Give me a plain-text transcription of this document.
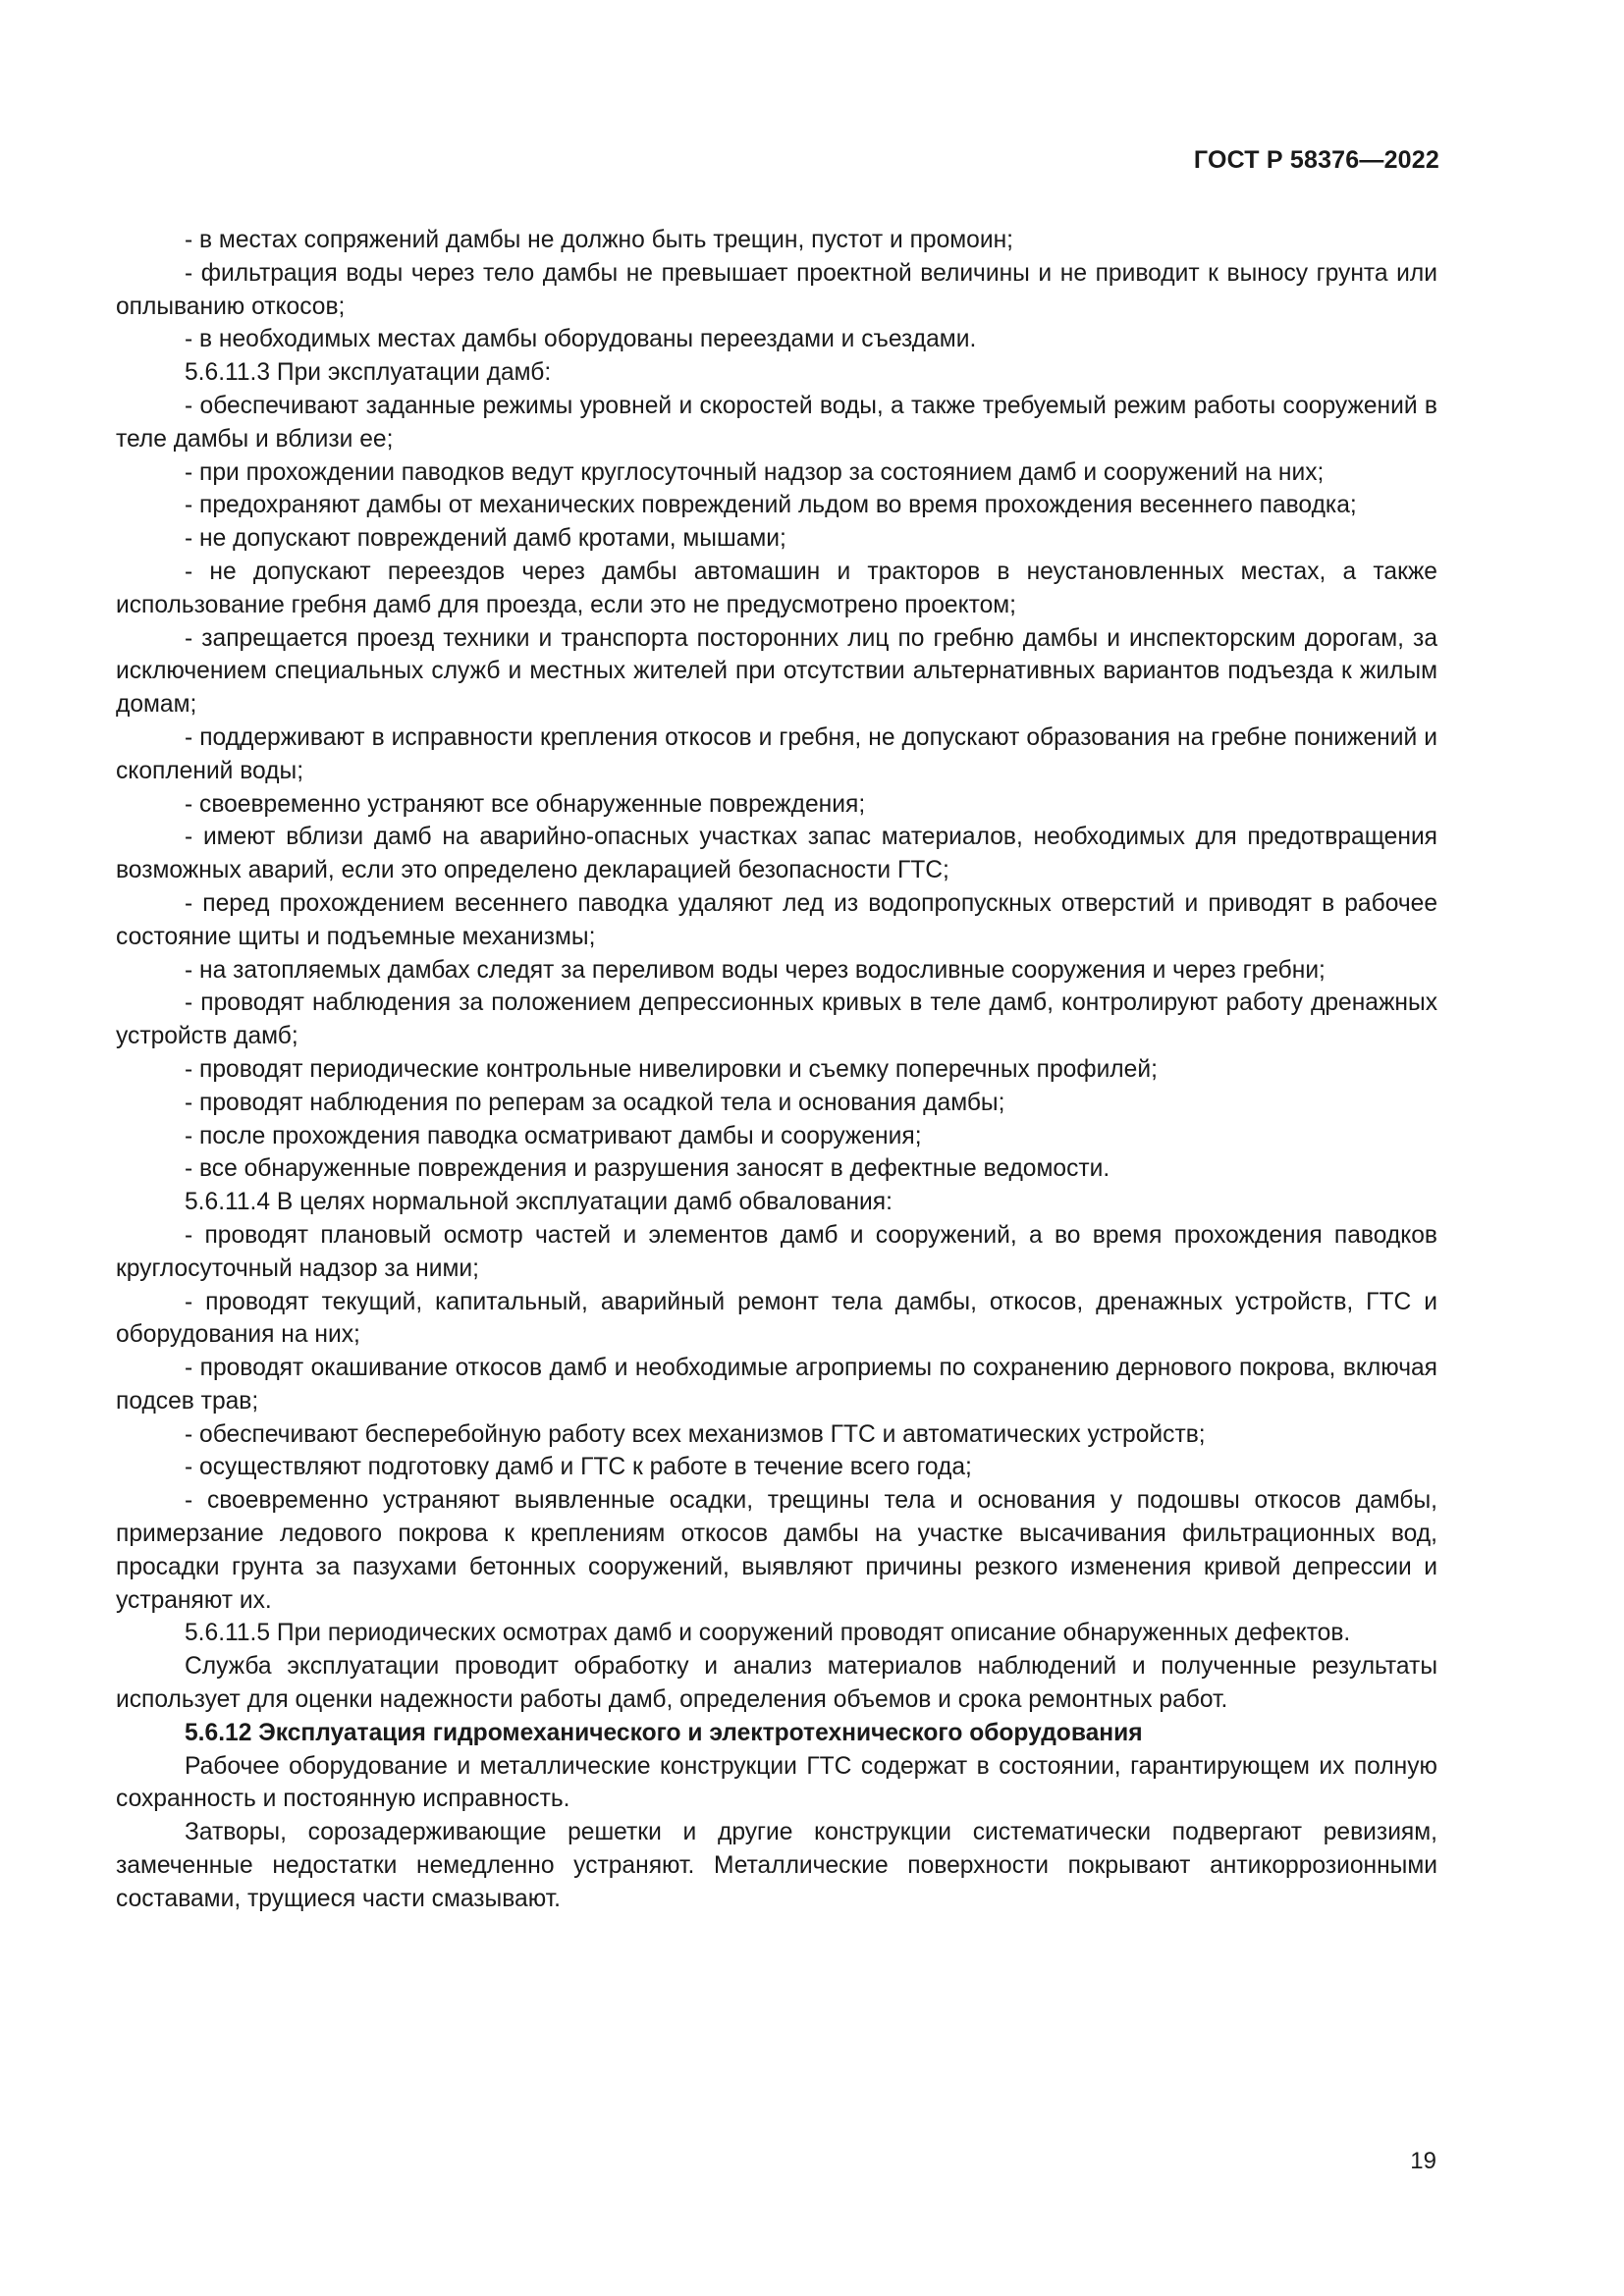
ГОСТ Р 58376—2022

- в местах сопряжений дамбы не должно быть трещин, пустот и промоин;

- фильтрация воды через тело дамбы не превышает проектной величины и не приводит к выносу грунта или оплыванию откосов;

- в необходимых местах дамбы оборудованы переездами и съездами.

5.6.11.3 При эксплуатации дамб:

- обеспечивают заданные режимы уровней и скоростей воды, а также требуемый режим работы сооружений в теле дамбы и вблизи ее;

- при прохождении паводков ведут круглосуточный надзор за состоянием дамб и сооружений на них;

- предохраняют дамбы от механических повреждений льдом во время прохождения весеннего паводка;

- не допускают повреждений дамб кротами, мышами;

- не допускают переездов через дамбы автомашин и тракторов в неустановленных местах, а также использование гребня дамб для проезда, если это не предусмотрено проектом;

- запрещается проезд техники и транспорта посторонних лиц по гребню дамбы и инспекторским дорогам, за исключением специальных служб и местных жителей при отсутствии альтернативных вариантов подъезда к жилым домам;

- поддерживают в исправности крепления откосов и гребня, не допускают образования на гребне понижений и скоплений воды;

- своевременно устраняют все обнаруженные повреждения;

- имеют вблизи дамб на аварийно-опасных участках запас материалов, необходимых для предотвращения возможных аварий, если это определено декларацией безопасности ГТС;

- перед прохождением весеннего паводка удаляют лед из водопропускных отверстий и приводят в рабочее состояние щиты и подъемные механизмы;

- на затопляемых дамбах следят за переливом воды через водосливные сооружения и через гребни;

- проводят наблюдения за положением депрессионных кривых в теле дамб, контролируют работу дренажных устройств дамб;

- проводят периодические контрольные нивелировки и съемку поперечных профилей;

- проводят наблюдения по реперам за осадкой тела и основания дамбы;

- после прохождения паводка осматривают дамбы и сооружения;

- все обнаруженные повреждения и разрушения заносят в дефектные ведомости.

5.6.11.4 В целях нормальной эксплуатации дамб обвалования:

- проводят плановый осмотр частей и элементов дамб и сооружений, а во время прохождения паводков круглосуточный надзор за ними;

- проводят текущий, капитальный, аварийный ремонт тела дамбы, откосов, дренажных устройств, ГТС и оборудования на них;

- проводят окашивание откосов дамб и необходимые агроприемы по сохранению дернового покрова, включая подсев трав;

- обеспечивают бесперебойную работу всех механизмов ГТС и автоматических устройств;

- осуществляют подготовку дамб и ГТС к работе в течение всего года;

- своевременно устраняют выявленные осадки, трещины тела и основания у подошвы откосов дамбы, примерзание ледового покрова к креплениям откосов дамбы на участке высачивания фильтрационных вод, просадки грунта за пазухами бетонных сооружений, выявляют причины резкого изменения кривой депрессии и устраняют их.

5.6.11.5 При периодических осмотрах дамб и сооружений проводят описание обнаруженных дефектов.

Служба эксплуатации проводит обработку и анализ материалов наблюдений и полученные результаты использует для оценки надежности работы дамб, определения объемов и срока ремонтных работ.

5.6.12 Эксплуатация гидромеханического и электротехнического оборудования

Рабочее оборудование и металлические конструкции ГТС содержат в состоянии, гарантирующем их полную сохранность и постоянную исправность.

Затворы, сорозадерживающие решетки и другие конструкции систематически подвергают ревизиям, замеченные недостатки немедленно устраняют. Металлические поверхности покрывают антикоррозионными составами, трущиеся части смазывают.

19
